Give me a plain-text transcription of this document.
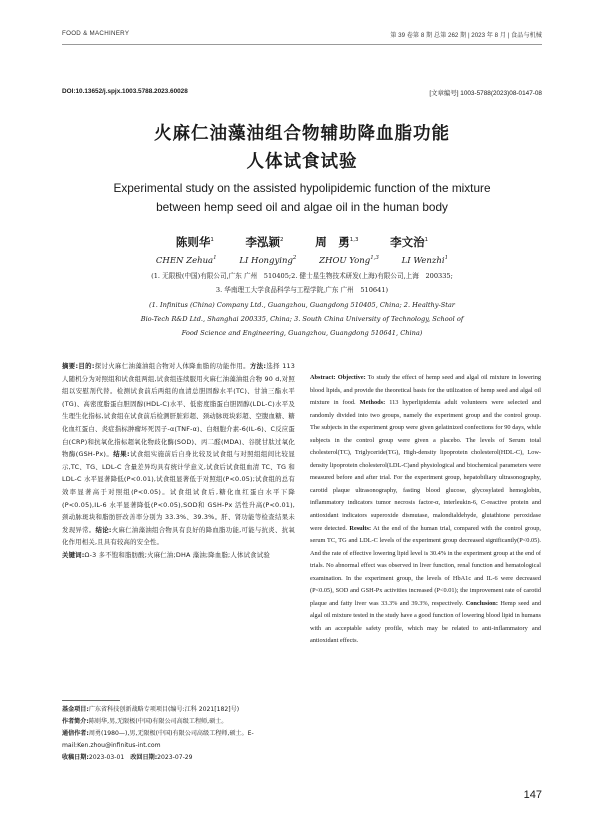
FOOD & MACHINERY	第 39 卷第 8 期 总第 262 期 | 2023 年 8 月 | 食品与机械
DOI:10.13652/j.spjx.1003.5788.2023.60028	[文章编号] 1003-5788(2023)08-0147-08
火麻仁油藻油组合物辅助降血脂功能
人体试食试验
Experimental study on the assisted hypolipidemic function of the mixture
between hemp seed oil and algae oil in the human body
陈则华$^1$	李泓颖$^2$	周　勇$^{1,3}$	李文治$^1$
CHEN Zehua$^1$	LI Hongying$^2$	ZHOU Yong$^{1,3}$	LI Wenzhi$^1$
(1. 无限极(中国)有限公司,广东 广州　510405;2. 健士星生物技术研发(上海)有限公司,上海　200335;
3. 华南理工大学食品科学与工程学院,广东 广州　510641)
(1. Infinitus (China) Company Ltd., Guangzhou, Guangdong 510405, China; 2. Healthy-Star
Bio-Tech R&D Ltd., Shanghai 200335, China; 3. South China University of Technology, School of
Food Science and Engineering, Guangzhou, Guangdong 510641, China)
摘要:目的:探讨火麻仁油藻油组合物对人体降血脂的功能作用。方法:选择 113 人随机分为对照组和试食组两组,试食组连续服用火麻仁油藻油组合物 90 d,对照组以安慰剂代替。检测试食前后两组的血清总胆固醇水平(TC)、甘油三酯水平(TG)、高密度脂蛋白胆固醇(HDL-C)水平、低密度脂蛋白胆固醇(LDL-C)水平及生理生化指标,试食组在试食前后检测肝脏彩超、颈动脉斑块彩超、空腹血糖、糖化血红蛋白、炎症指标肿瘤坏死因子-α(TNF-α)、白细胞介素-6(IL-6)、C反应蛋白(CRP)和抗氧化指标超氧化物歧化酶(SOD)、丙二醛(MDA)、谷胱甘肽过氧化物酶(GSH-Px)。结果:试食组实施前后自身比较及试食组与对照组组间比较显示,TC、TG、LDL-C 含量差异均具有统计学意义,试食后试食组血清 TC、TG 和 LDL-C 水平显著降低(P<0.01),试食组显著低于对照组(P<0.05);试食组的总有效率显著高于对照组(P<0.05)。试食组试食后,糖化血红蛋白水平下降(P<0.05),IL-6 水平显著降低(P<0.05),SOD和 GSH-Px 活性升高(P<0.01),颈动脉斑块和脂肪肝改善率分别为 33.3%、39.3%。肝、肾功能等检查结果未发现异常。结论:火麻仁油藻油组合物具有良好的降血脂功能,可能与抗炎、抗氧化作用相关,且具有较高的安全性。
关键词:Ω-3 多不饱和脂肪酸;火麻仁油;DHA 藻油;降血脂;人体试食试验
基金项目:广东省科技创新战略专项项目(编号:江科 2021[182]号)
作者简介:陈则华,男,无限极(中国)有限公司高级工程师,硕士。
通信作者:周勇(1980—),男,无限极(中国)有限公司高级工程师,硕士。E-mail:Ken.zhou@infinitus-int.com
收稿日期:2023-03-01　 改回日期:2023-07-29
Abstract: Objective: To study the effect of hemp seed and algal oil mixture in lowering blood lipids, and provide the theoretical basis for the utilization of hemp seed and algal oil mixture in food. Methods: 113 hyperlipidemia adult volunteers were selected and randomly divided into two groups, namely the experiment group and the control group. The subjects in the experiment group were given gelatinized confections for 90 days, while subjects in the control group were given a placebo. The levels of Serum total cholesterol(TC), Triglyceride(TG), High-density lipoprotein cholesterol(HDL-C), Low-density lipoprotein cholesterol(LDL-C)and physiological and biochemical parameters were measured before and after trial. For the experiment group, hepatobiliary ultrasonography, carotid plaque ultrasonography, fasting blood glucose, glycosylated hemoglobin, inflammatory indicators tumor necrosis factor-α, interleukin-6, C-reactive protein and antioxidant indicators superoxide dismutase, malondialdehyde, glutathione peroxidase were detected. Results: At the end of the human trial, compared with the control group, serum TC, TG and LDL-C levels of the experiment group decreased significantly(P<0.05). And the rate of effective lowering lipid level is 30.4% in the experiment group at the end of trials. No abnormal effect was observed in liver function, renal function and hematological examination. In the experiment group, the levels of HbA1c and IL-6 were decreased (P<0.05), SOD and GSH-Px activities increased (P<0.01); the improvement rate of carotid plaque and fatty liver was 33.3% and 39.3%, respectively. Conclusion: Hemp seed and algal oil mixture tested in the study have a good function of lowering blood lipid in humans with an acceptable safety profile, which may be related to anti-inflammatory and antioxidant effects.
147
